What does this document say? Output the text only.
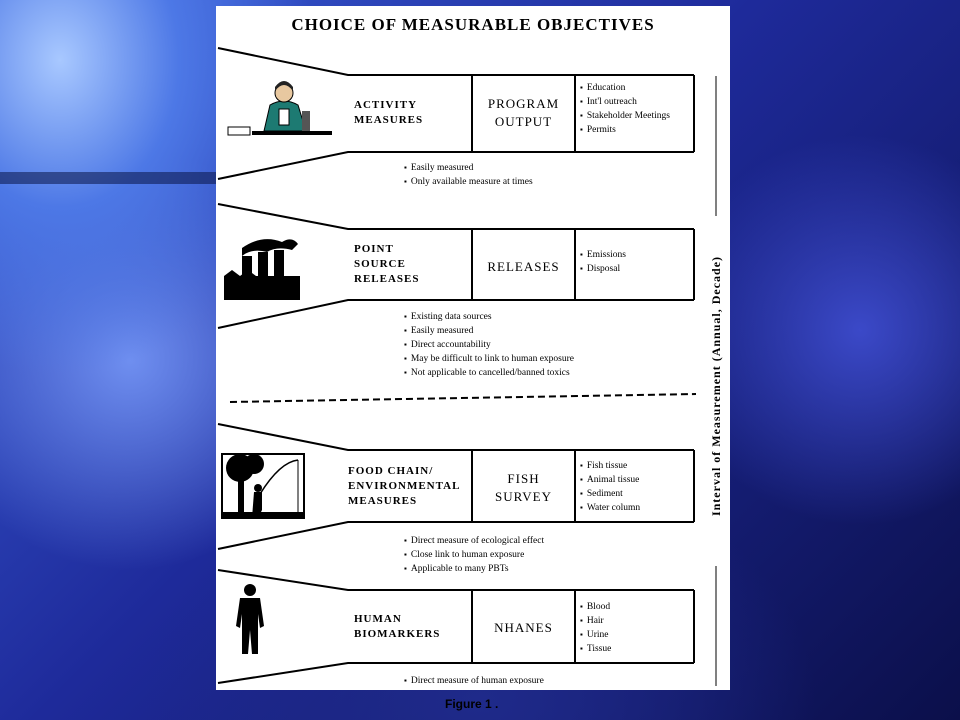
CHOICE OF MEASURABLE OBJECTIVES
ACTIVITY
MEASURES
PROGRAM
OUTPUT
▪ Education
▪ Int'l outreach
▪ Stakeholder Meetings
▪ Permits
▪ Easily measured
▪ Only available measure at times
POINT
SOURCE
RELEASES
RELEASES
▪ Emissions
▪ Disposal
▪ Existing data sources
▪ Easily measured
▪ Direct accountability
▪ May be difficult to link to human exposure
▪ Not applicable to cancelled/banned toxics
FOOD CHAIN/
ENVIRONMENTAL
MEASURES
FISH
SURVEY
▪ Fish tissue
▪ Animal tissue
▪ Sediment
▪ Water column
▪ Direct measure of ecological effect
▪ Close link to human exposure
▪ Applicable to many PBTs
HUMAN
BIOMARKERS	NHANES
▪ Blood
▪ Hair
▪ Urine
▪ Tissue
▪ Direct measure of human exposure
Interval of Measurement (Annual, Decade)
Figure 1 .
